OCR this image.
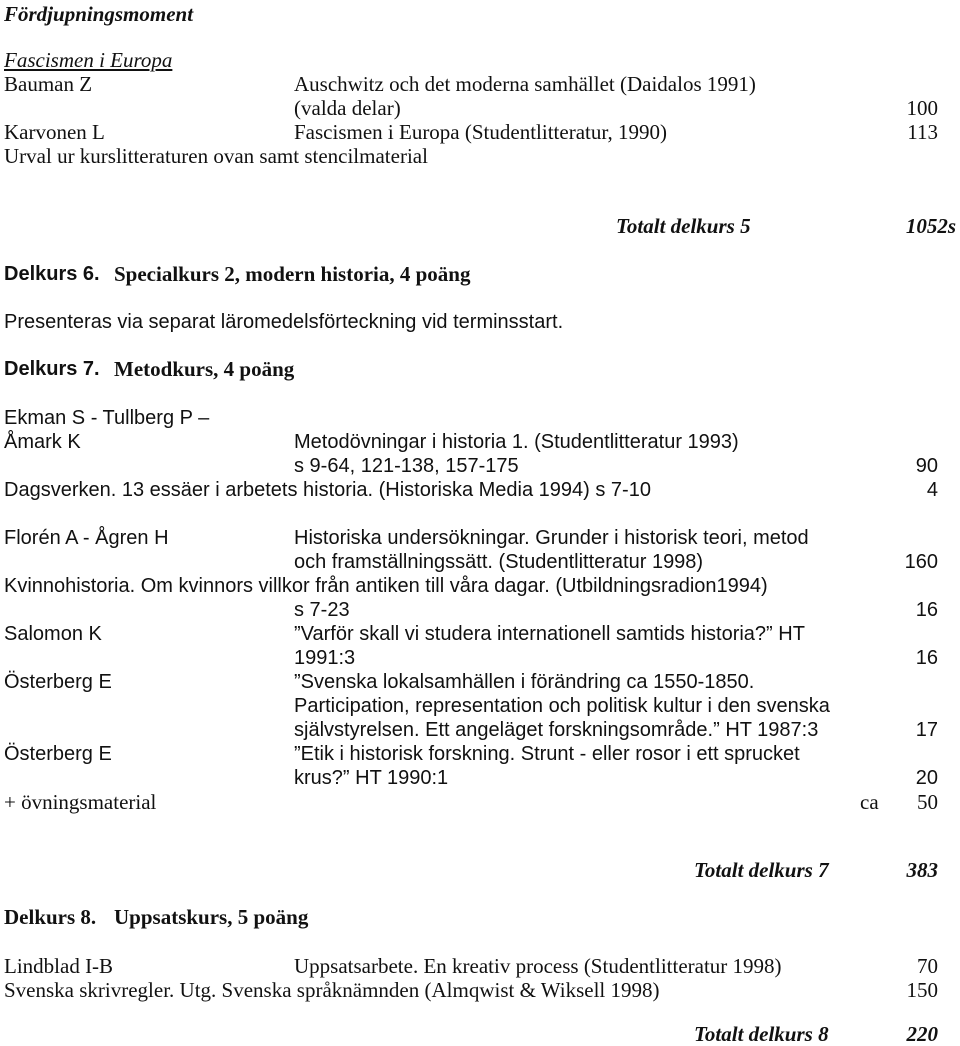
Fördjupningsmoment
Fascismen i Europa
Bauman Z	Auschwitz och det moderna samhället (Daidalos 1991)
(valda delar)	100
Karvonen L	Fascismen i Europa (Studentlitteratur, 1990)	113
Urval ur kurslitteraturen ovan samt stencilmaterial
Totalt delkurs 5	1052s
Delkurs 6. Specialkurs 2, modern historia, 4 poäng
Presenteras via separat läromedelsförteckning vid terminsstart.
Delkurs 7. Metodkurs, 4 poäng
Ekman S - Tullberg P –
Åmark K	Metodövningar i historia 1. (Studentlitteratur 1993)
s 9-64, 121-138, 157-175	90
Dagsverken. 13 essäer i arbetets historia. (Historiska Media 1994) s 7-10	4
Florén A - Ågren H	Historiska undersökningar. Grunder i historisk teori, metod
och framställningssätt. (Studentlitteratur 1998)	160
Kvinnohistoria. Om kvinnors villkor från antiken till våra dagar. (Utbildningsradion1994)
s 7-23	16
Salomon K	”Varför skall vi studera internationell samtids historia?” HT
1991:3	16
Österberg E	”Svenska lokalsamhällen i förändring ca 1550-1850.
Participation, representation och politisk kultur i den svenska
självstyrelsen. Ett angeläget forskningsområde.” HT 1987:3	17
Österberg E	”Etik i historisk forskning. Strunt - eller rosor i ett sprucket
krus?” HT 1990:1	20
+ övningsmaterial	ca 50
Totalt delkurs 7	383
Delkurs 8. Uppsatskurs, 5 poäng
Lindblad I-B	Uppsatsarbete. En kreativ process (Studentlitteratur 1998)	70
Svenska skrivregler. Utg. Svenska språknämnden (Almqwist & Wiksell 1998)	150
Totalt delkurs 8	220
